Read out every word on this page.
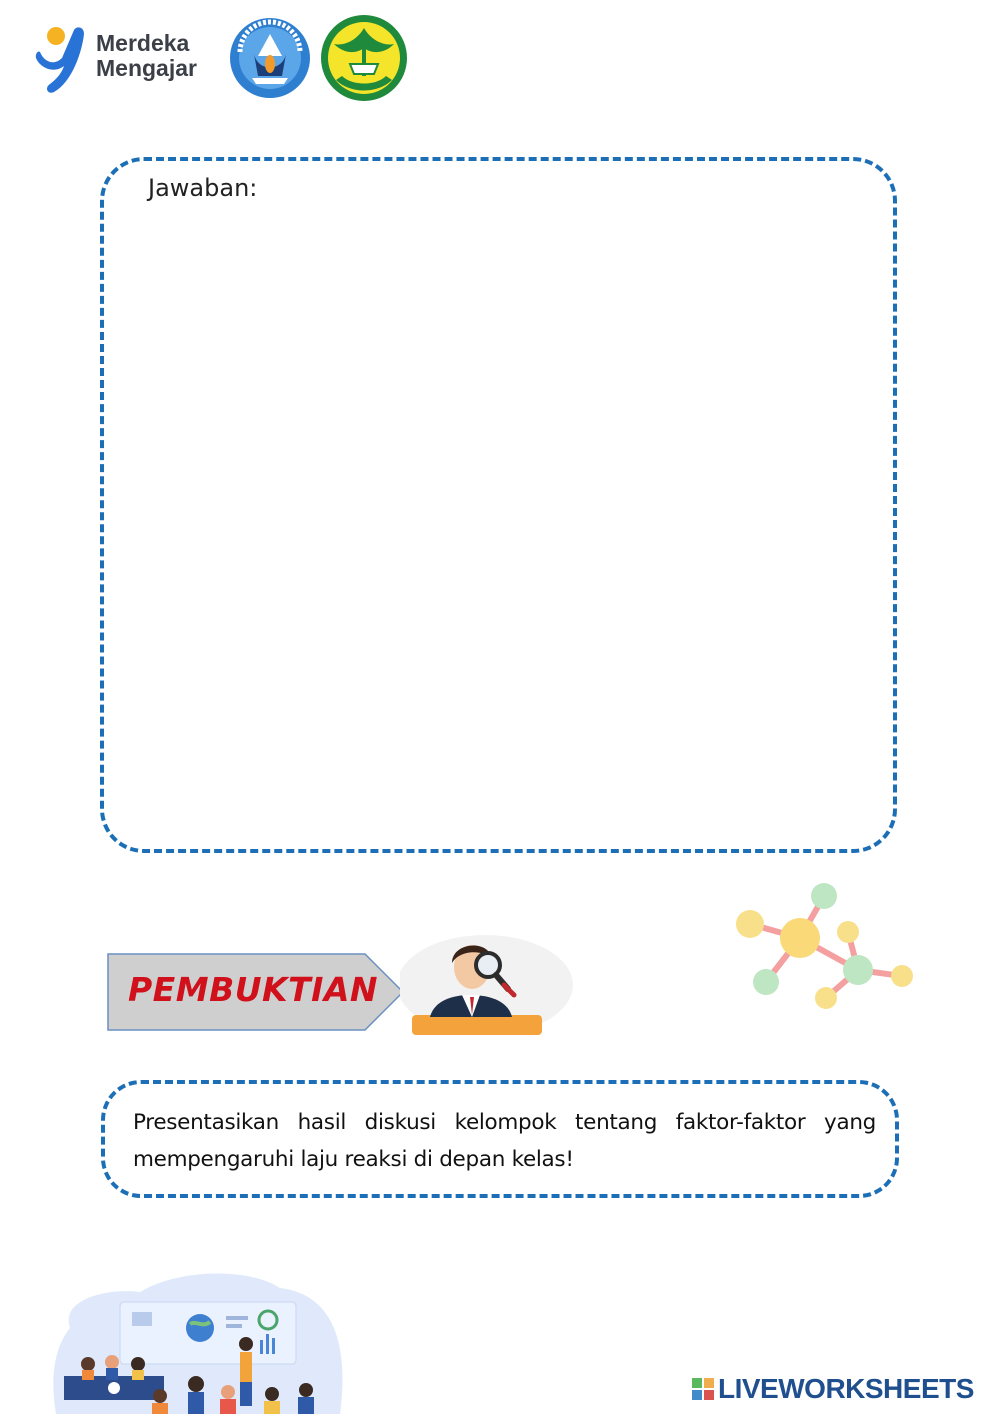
Merdeka
Mengajar
Jawaban:
PEMBUKTIAN
Presentasikan hasil diskusi kelompok tentang faktor-faktor yang mempengaruhi laju reaksi di depan kelas!
LIVEWORKSHEETS
